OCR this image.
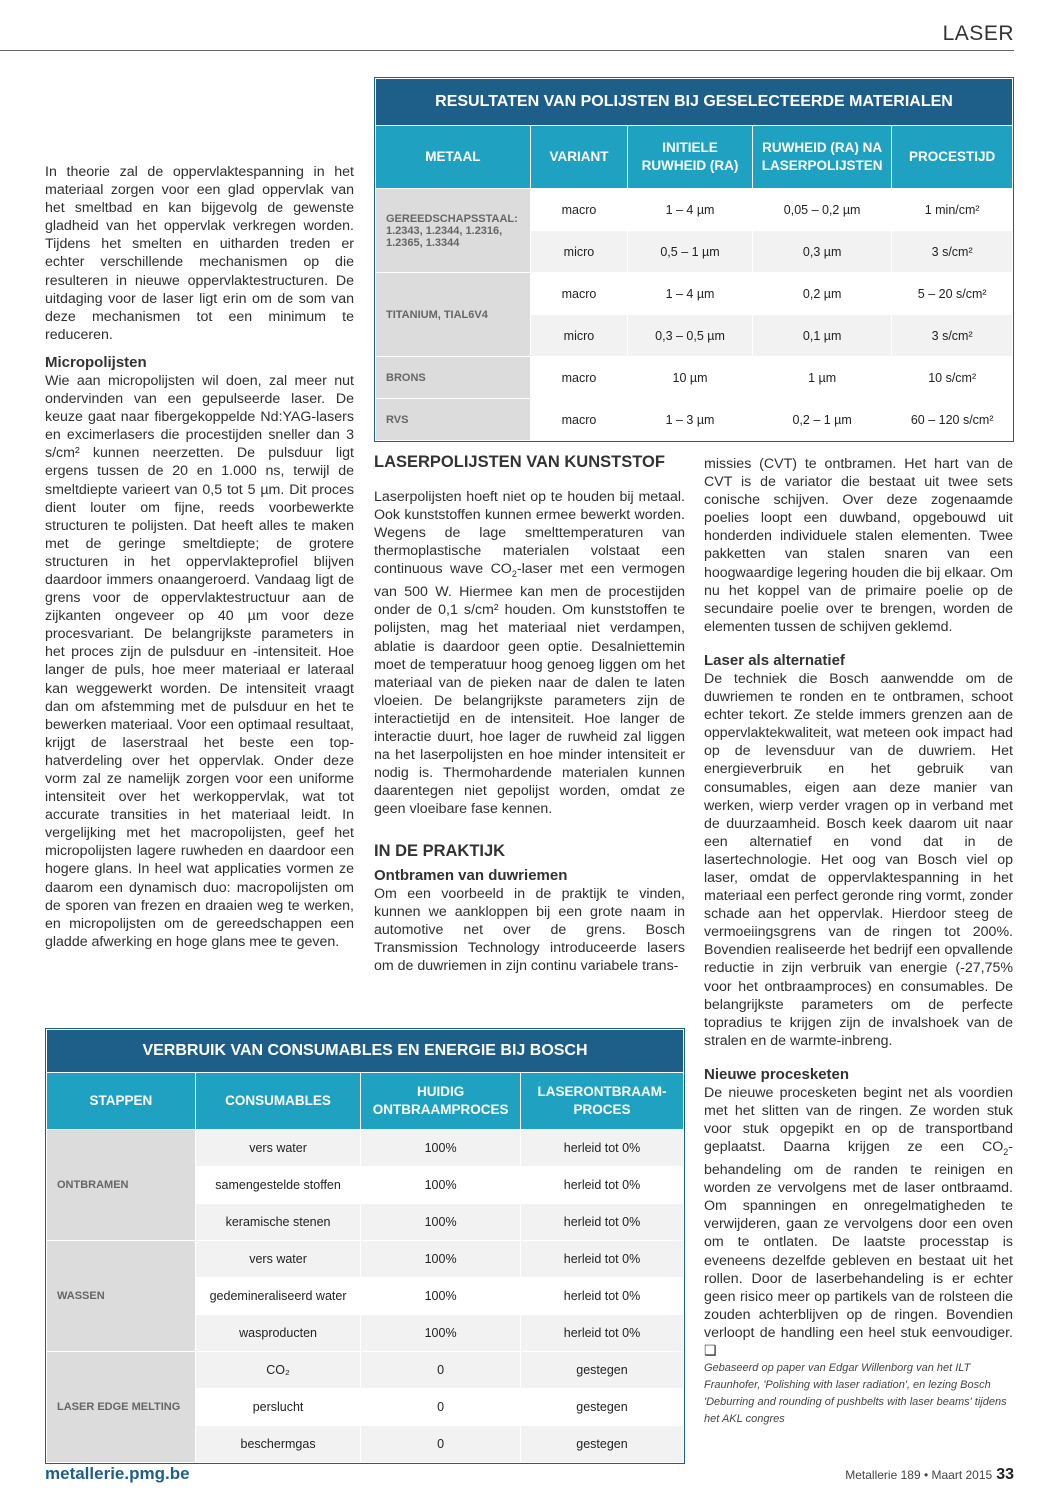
LASER
RESULTATEN VAN POLIJSTEN BIJ GESELECTEERDE MATERIALEN				
METAAL	VARIANT	INITIELE RUWHEID (RA)	RUWHEID (RA) NA LASERPOLIJSTEN	PROCESTIJD
GEREEDSCHAPSSTAAL: 1.2343, 1.2344, 1.2316, 1.2365, 1.3344	macro	1 – 4 µm	0,05 – 0,2 µm	1 min/cm²
	micro	0,5 – 1 µm	0,3 µm	3 s/cm²
TITANIUM, TIAL6V4	macro	1 – 4 µm	0,2 µm	5 – 20 s/cm²
	micro	0,3 – 0,5 µm	0,1 µm	3 s/cm²
BRONS	macro	10 µm	1 µm	10 s/cm²
RVS	macro	1 – 3 µm	0,2 – 1 µm	60 – 120 s/cm²

In theorie zal de oppervlaktespanning in het materiaal zorgen voor een glad oppervlak van het smeltbad en kan bijgevolg de gewenste gladheid van het oppervlak verkregen worden. Tijdens het smelten en uitharden treden er echter verschillende mechanismen op die resulteren in nieuwe oppervlaktestructuren. De uitdaging voor de laser ligt erin om de som van deze mechanismen tot een minimum te reduceren.

Micropolijsten

Wie aan micropolijsten wil doen, zal meer nut ondervinden van een gepulseerde laser. De keuze gaat naar fibergekoppelde Nd:YAG-lasers en excimerlasers die procestijden sneller dan 3 s/cm² kunnen neerzetten. De pulsduur ligt ergens tussen de 20 en 1.000 ns, terwijl de smeltdiepte varieert van 0,5 tot 5 µm. Dit proces dient louter om fijne, reeds voorbewerkte structuren te polijsten. Dat heeft alles te maken met de geringe smeltdiepte; de grotere structuren in het oppervlakteprofiel blijven daardoor immers onaangeroerd. Vandaag ligt de grens voor de oppervlaktestructuur aan de zijkanten ongeveer op 40 µm voor deze procesvariant. De belangrijkste parameters in het proces zijn de pulsduur en -intensiteit. Hoe langer de puls, hoe meer materiaal er lateraal kan weggewerkt worden. De intensiteit vraagt dan om afstemming met de pulsduur en het te bewerken materiaal. Voor een optimaal resultaat, krijgt de laserstraal het beste een top-hatverdeling over het oppervlak. Onder deze vorm zal ze namelijk zorgen voor een uniforme intensiteit over het werkoppervlak, wat tot accurate transities in het materiaal leidt. In vergelijking met het macropolijsten, geef het micropolijsten lagere ruwheden en daardoor een hogere glans. In heel wat applicaties vormen ze daarom een dynamisch duo: macropolijsten om de sporen van frezen en draaien weg te werken, en micropolijsten om de gereedschappen een gladde afwerking en hoge glans mee te geven.

LASERPOLIJSTEN VAN KUNSTSTOF

Laserpolijsten hoeft niet op te houden bij metaal. Ook kunststoffen kunnen ermee bewerkt worden. Wegens de lage smelttemperaturen van thermoplastische materialen volstaat een continuous wave $CO_2$-laser met een vermogen van 500 W. Hiermee kan men de procestijden onder de 0,1 s/cm² houden. Om kunststoffen te polijsten, mag het materiaal niet verdampen, ablatie is daardoor geen optie. Desalniettemin moet de temperatuur hoog genoeg liggen om het materiaal van de pieken naar de dalen te laten vloeien. De belangrijkste parameters zijn de interactietijd en de intensiteit. Hoe langer de interactie duurt, hoe lager de ruwheid zal liggen na het laserpolijsten en hoe minder intensiteit er nodig is. Thermohardende materialen kunnen daarentegen niet gepolijst worden, omdat ze geen vloeibare fase kennen.

IN DE PRAKTIJK
Ontbramen van duwriemen

Om een voorbeeld in de praktijk te vinden, kunnen we aankloppen bij een grote naam in automotive net over de grens. Bosch Transmission Technology introduceerde lasers om de duwriemen in zijn continu variabele trans-

missies (CVT) te ontbramen. Het hart van de CVT is de variator die bestaat uit twee sets conische schijven. Over deze zogenaamde poelies loopt een duwband, opgebouwd uit honderden individuele stalen elementen. Twee pakketten van stalen snaren van een hoogwaardige legering houden die bij elkaar. Om nu het koppel van de primaire poelie op de secundaire poelie over te brengen, worden de elementen tussen de schijven geklemd.

Laser als alternatief

De techniek die Bosch aanwendde om de duwriemen te ronden en te ontbramen, schoot echter tekort. Ze stelde immers grenzen aan de oppervlaktekwaliteit, wat meteen ook impact had op de levensduur van de duwriem. Het energieverbruik en het gebruik van consumables, eigen aan deze manier van werken, wierp verder vragen op in verband met de duurzaamheid. Bosch keek daarom uit naar een alternatief en vond dat in de lasertechnologie. Het oog van Bosch viel op laser, omdat de oppervlaktespanning in het materiaal een perfect geronde ring vormt, zonder schade aan het oppervlak. Hierdoor steeg de vermoeiingsgrens van de ringen tot 200%. Bovendien realiseerde het bedrijf een opvallende reductie in zijn verbruik van energie (-27,75% voor het ontbraamproces) en consumables. De belangrijkste parameters om de perfecte topradius te krijgen zijn de invalshoek van de stralen en de warmte-inbreng.

Nieuwe procesketen

De nieuwe procesketen begint net als voordien met het slitten van de ringen. Ze worden stuk voor stuk opgepikt en op de transportband geplaatst. Daarna krijgen ze een $CO_2$-behandeling om de randen te reinigen en worden ze vervolgens met de laser ontbraamd. Om spanningen en onregelmatigheden te verwijderen, gaan ze vervolgens door een oven om te ontlaten. De laatste processtap is eveneens dezelfde gebleven en bestaat uit het rollen. Door de laserbehandeling is er echter geen risico meer op partikels van de rolsteen die zouden achterblijven op de ringen. Bovendien verloopt de handling een heel stuk eenvoudiger. ❑

Gebaseerd op paper van Edgar Willenborg van het ILT Fraunhofer, 'Polishing with laser radiation', en lezing Bosch 'Deburring and rounding of pushbelts with laser beams' tijdens het AKL congres

VERBRUIK VAN CONSUMABLES EN ENERGIE BIJ BOSCH			
STAPPEN	CONSUMABLES	HUIDIG ONTBRAAMPROCES	LASERONTBRAAM-PROCES
ONTBRAMEN	vers water	100%	herleid tot 0%
	samengestelde stoffen	100%	herleid tot 0%
	keramische stenen	100%	herleid tot 0%
WASSEN	vers water	100%	herleid tot 0%
	gedemineraliseerd water	100%	herleid tot 0%
	wasproducten	100%	herleid tot 0%
LASER EDGE MELTING	CO₂	0	gestegen
	perslucht	0	gestegen
	beschermgas	0	gestegen
metallerie.pmg.be	Metallerie 189 • Maart 2015 33
